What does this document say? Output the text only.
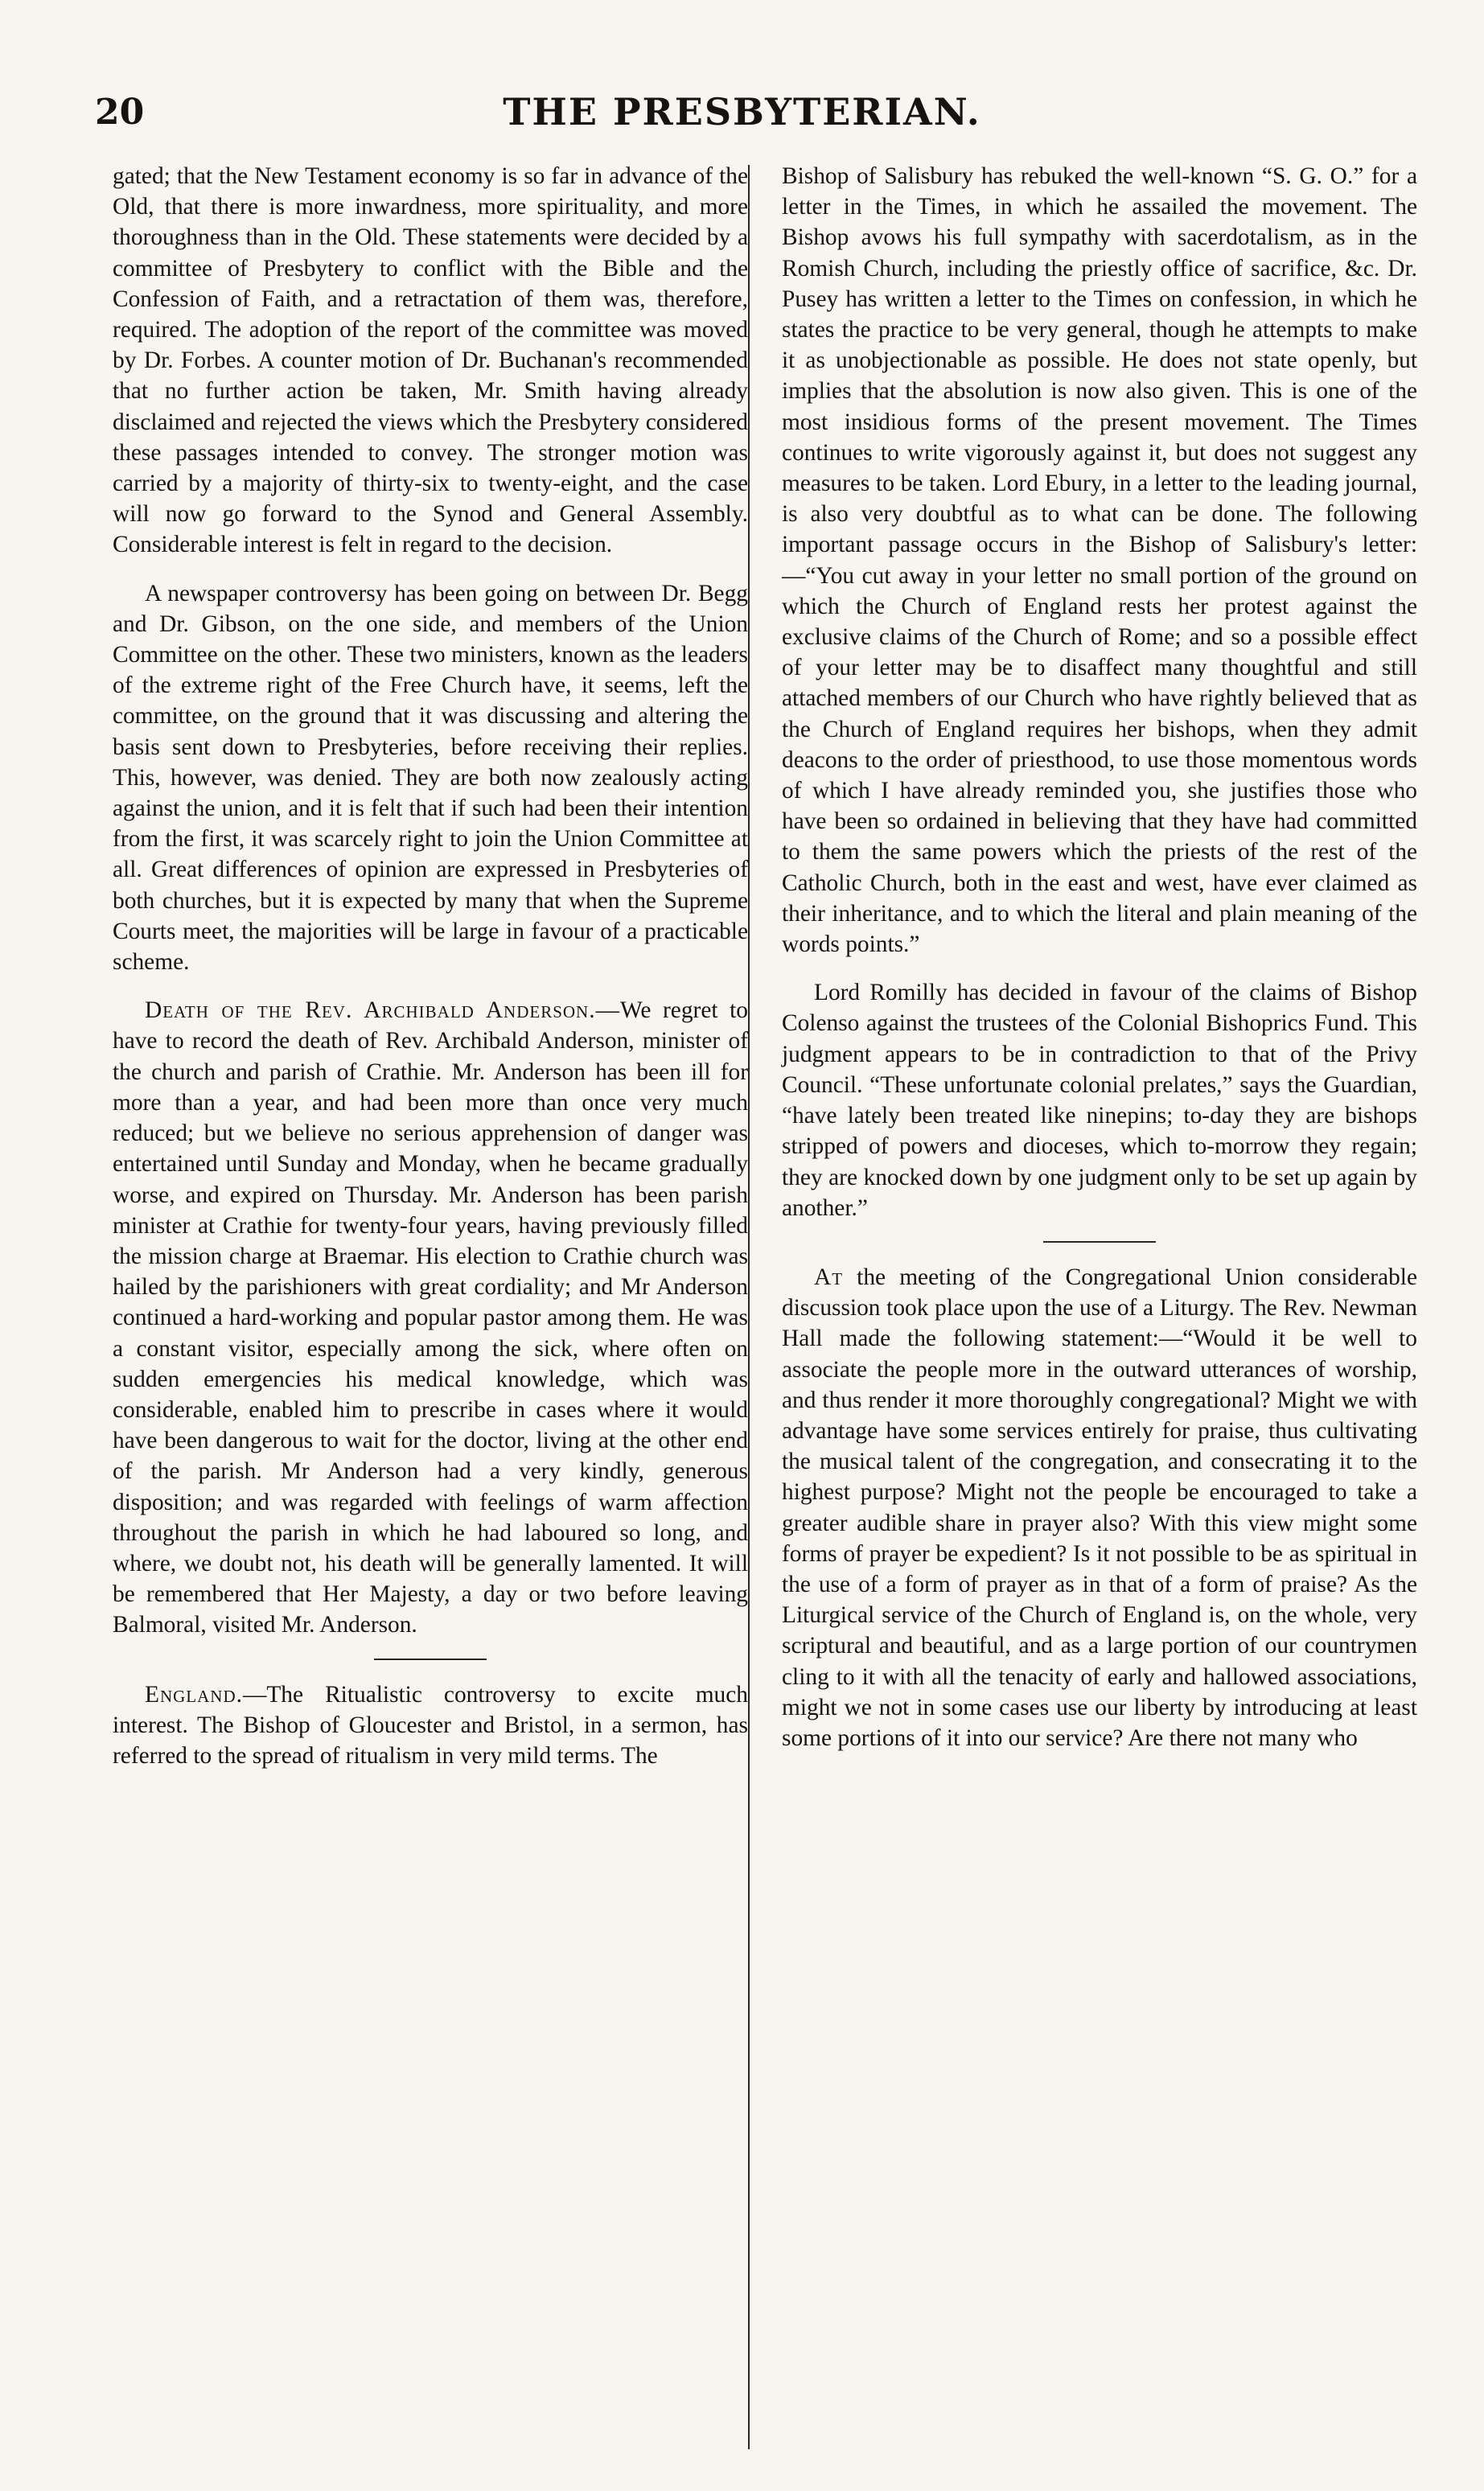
20	THE PRESBYTERIAN.

gated; that the New Testament economy is so far in advance of the Old, that there is more inwardness, more spirituality, and more thoroughness than in the Old. These statements were decided by a committee of Presbytery to conflict with the Bible and the Confession of Faith, and a retractation of them was, therefore, required. The adoption of the report of the committee was moved by Dr. Forbes. A counter motion of Dr. Buchanan's recommended that no further action be taken, Mr. Smith having already disclaimed and rejected the views which the Presbytery considered these passages intended to convey. The stronger motion was carried by a majority of thirty-six to twenty-eight, and the case will now go forward to the Synod and General Assembly. Considerable interest is felt in regard to the decision.

A newspaper controversy has been going on between Dr. Begg and Dr. Gibson, on the one side, and members of the Union Committee on the other. These two ministers, known as the leaders of the extreme right of the Free Church have, it seems, left the committee, on the ground that it was discussing and altering the basis sent down to Presbyteries, before receiving their replies. This, however, was denied. They are both now zealously acting against the union, and it is felt that if such had been their intention from the first, it was scarcely right to join the Union Committee at all. Great differences of opinion are expressed in Presbyteries of both churches, but it is expected by many that when the Supreme Courts meet, the majorities will be large in favour of a practicable scheme.

Death of the Rev. Archibald Anderson.—We regret to have to record the death of Rev. Archibald Anderson, minister of the church and parish of Crathie. Mr. Anderson has been ill for more than a year, and had been more than once very much reduced; but we believe no serious apprehension of danger was entertained until Sunday and Monday, when he became gradually worse, and expired on Thursday. Mr. Anderson has been parish minister at Crathie for twenty-four years, having previously filled the mission charge at Braemar. His election to Crathie church was hailed by the parishioners with great cordiality; and Mr Anderson continued a hard-working and popular pastor among them. He was a constant visitor, especially among the sick, where often on sudden emergencies his medical knowledge, which was considerable, enabled him to prescribe in cases where it would have been dangerous to wait for the doctor, living at the other end of the parish. Mr Anderson had a very kindly, generous disposition; and was regarded with feelings of warm affection throughout the parish in which he had laboured so long, and where, we doubt not, his death will be generally lamented. It will be remembered that Her Majesty, a day or two before leaving Balmoral, visited Mr. Anderson.

England.—The Ritualistic controversy to excite much interest. The Bishop of Gloucester and Bristol, in a sermon, has referred to the spread of ritualism in very mild terms. The

Bishop of Salisbury has rebuked the well-known “S. G. O.” for a letter in the Times, in which he assailed the movement. The Bishop avows his full sympathy with sacerdotalism, as in the Romish Church, including the priestly office of sacrifice, &c. Dr. Pusey has written a letter to the Times on confession, in which he states the practice to be very general, though he attempts to make it as unobjectionable as possible. He does not state openly, but implies that the absolution is now also given. This is one of the most insidious forms of the present movement. The Times continues to write vigorously against it, but does not suggest any measures to be taken. Lord Ebury, in a letter to the leading journal, is also very doubtful as to what can be done. The following important passage occurs in the Bishop of Salisbury's letter:—“You cut away in your letter no small portion of the ground on which the Church of England rests her protest against the exclusive claims of the Church of Rome; and so a possible effect of your letter may be to disaffect many thoughtful and still attached members of our Church who have rightly believed that as the Church of England requires her bishops, when they admit deacons to the order of priesthood, to use those momentous words of which I have already reminded you, she justifies those who have been so ordained in believing that they have had committed to them the same powers which the priests of the rest of the Catholic Church, both in the east and west, have ever claimed as their inheritance, and to which the literal and plain meaning of the words points.”

Lord Romilly has decided in favour of the claims of Bishop Colenso against the trustees of the Colonial Bishoprics Fund. This judgment appears to be in contradiction to that of the Privy Council. “These unfortunate colonial prelates,” says the Guardian, “have lately been treated like ninepins; to-day they are bishops stripped of powers and dioceses, which to-morrow they regain; they are knocked down by one judgment only to be set up again by another.”

At the meeting of the Congregational Union considerable discussion took place upon the use of a Liturgy. The Rev. Newman Hall made the following statement:—“Would it be well to associate the people more in the outward utterances of worship, and thus render it more thoroughly congregational? Might we with advantage have some services entirely for praise, thus cultivating the musical talent of the congregation, and consecrating it to the highest purpose? Might not the people be encouraged to take a greater audible share in prayer also? With this view might some forms of prayer be expedient? Is it not possible to be as spiritual in the use of a form of prayer as in that of a form of praise? As the Liturgical service of the Church of England is, on the whole, very scriptural and beautiful, and as a large portion of our countrymen cling to it with all the tenacity of early and hallowed associations, might we not in some cases use our liberty by introducing at least some portions of it into our service? Are there not many who
